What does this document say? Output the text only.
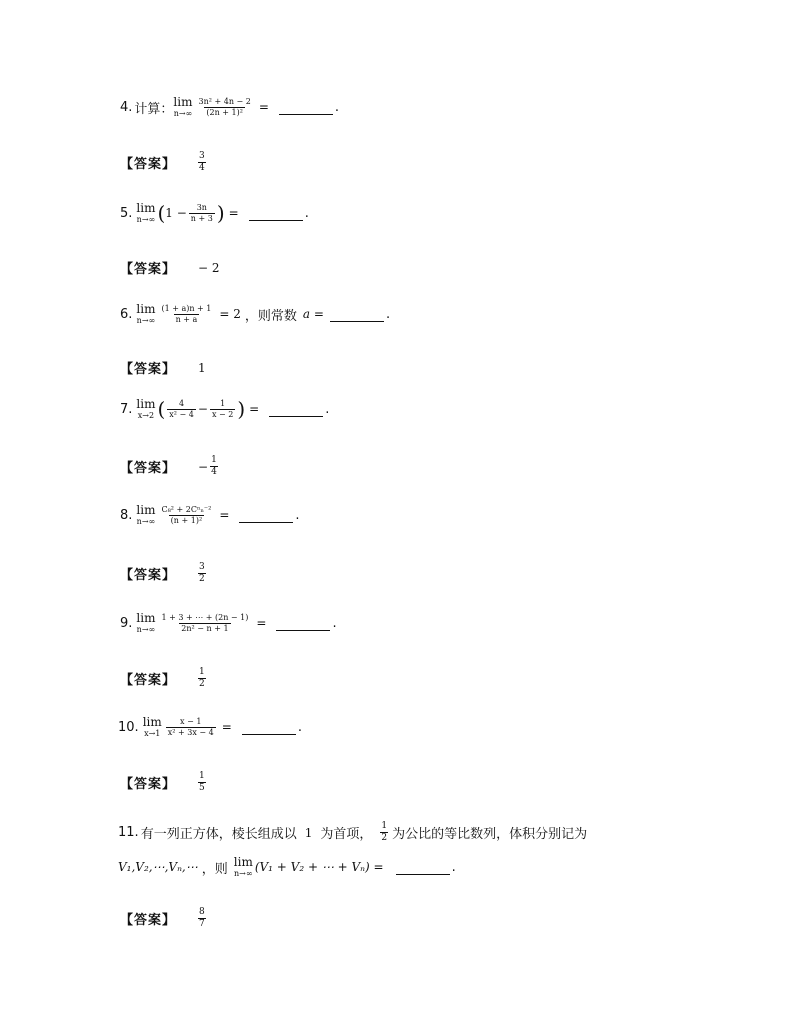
4. 计算： lim
$n\to\infty \frac{\text{3n² + 4n − 2}}{\text{(2n + 1)²}}$ =	.
【答案】 $\frac{3}{4}$
5. lim
n→∞ ( $1 - \frac{3n}{n + 3}$ ) =	.
【答案】 − 2
6. lim
$n\to\infty \frac{(1 + a)n + 1}{n + a} = 2$ ，则常数 a =	.
【答案】 1
7. lim
x→2 ( $\frac{4}{\text{x² − 4}} - \frac{1}{x - 2}$ ) =	.
【答案】 − $\frac{1}{4}$
8. lim
$n\to\infty \frac{\text{C₈² + 2Cⁿₙ⁻²}}{\text{(n + 1)²}}$ =	.
【答案】 $\frac{3}{2}$
9. lim
$n\to\infty \frac{1 + 3 + \cdots + (2n - 1)}{\text{2n² − n + 1}}$ =	.
【答案】 $\frac{1}{2}$
10. lim
$x\to 1 \frac{x - 1}{\text{x² + 3x − 4}}$ =	.
【答案】 $\frac{1}{5}$
11. 有一列正方体，棱长组成以 1 为首项， $\frac{1}{2}$ 为公比的等比数列，体积分别记为
V₁,V₂,⋯,Vₙ,⋯ ，则 lim
n→∞ (V₁ + V₂ + ⋯ + Vₙ) =	.
【答案】 $\frac{8}{7}$
